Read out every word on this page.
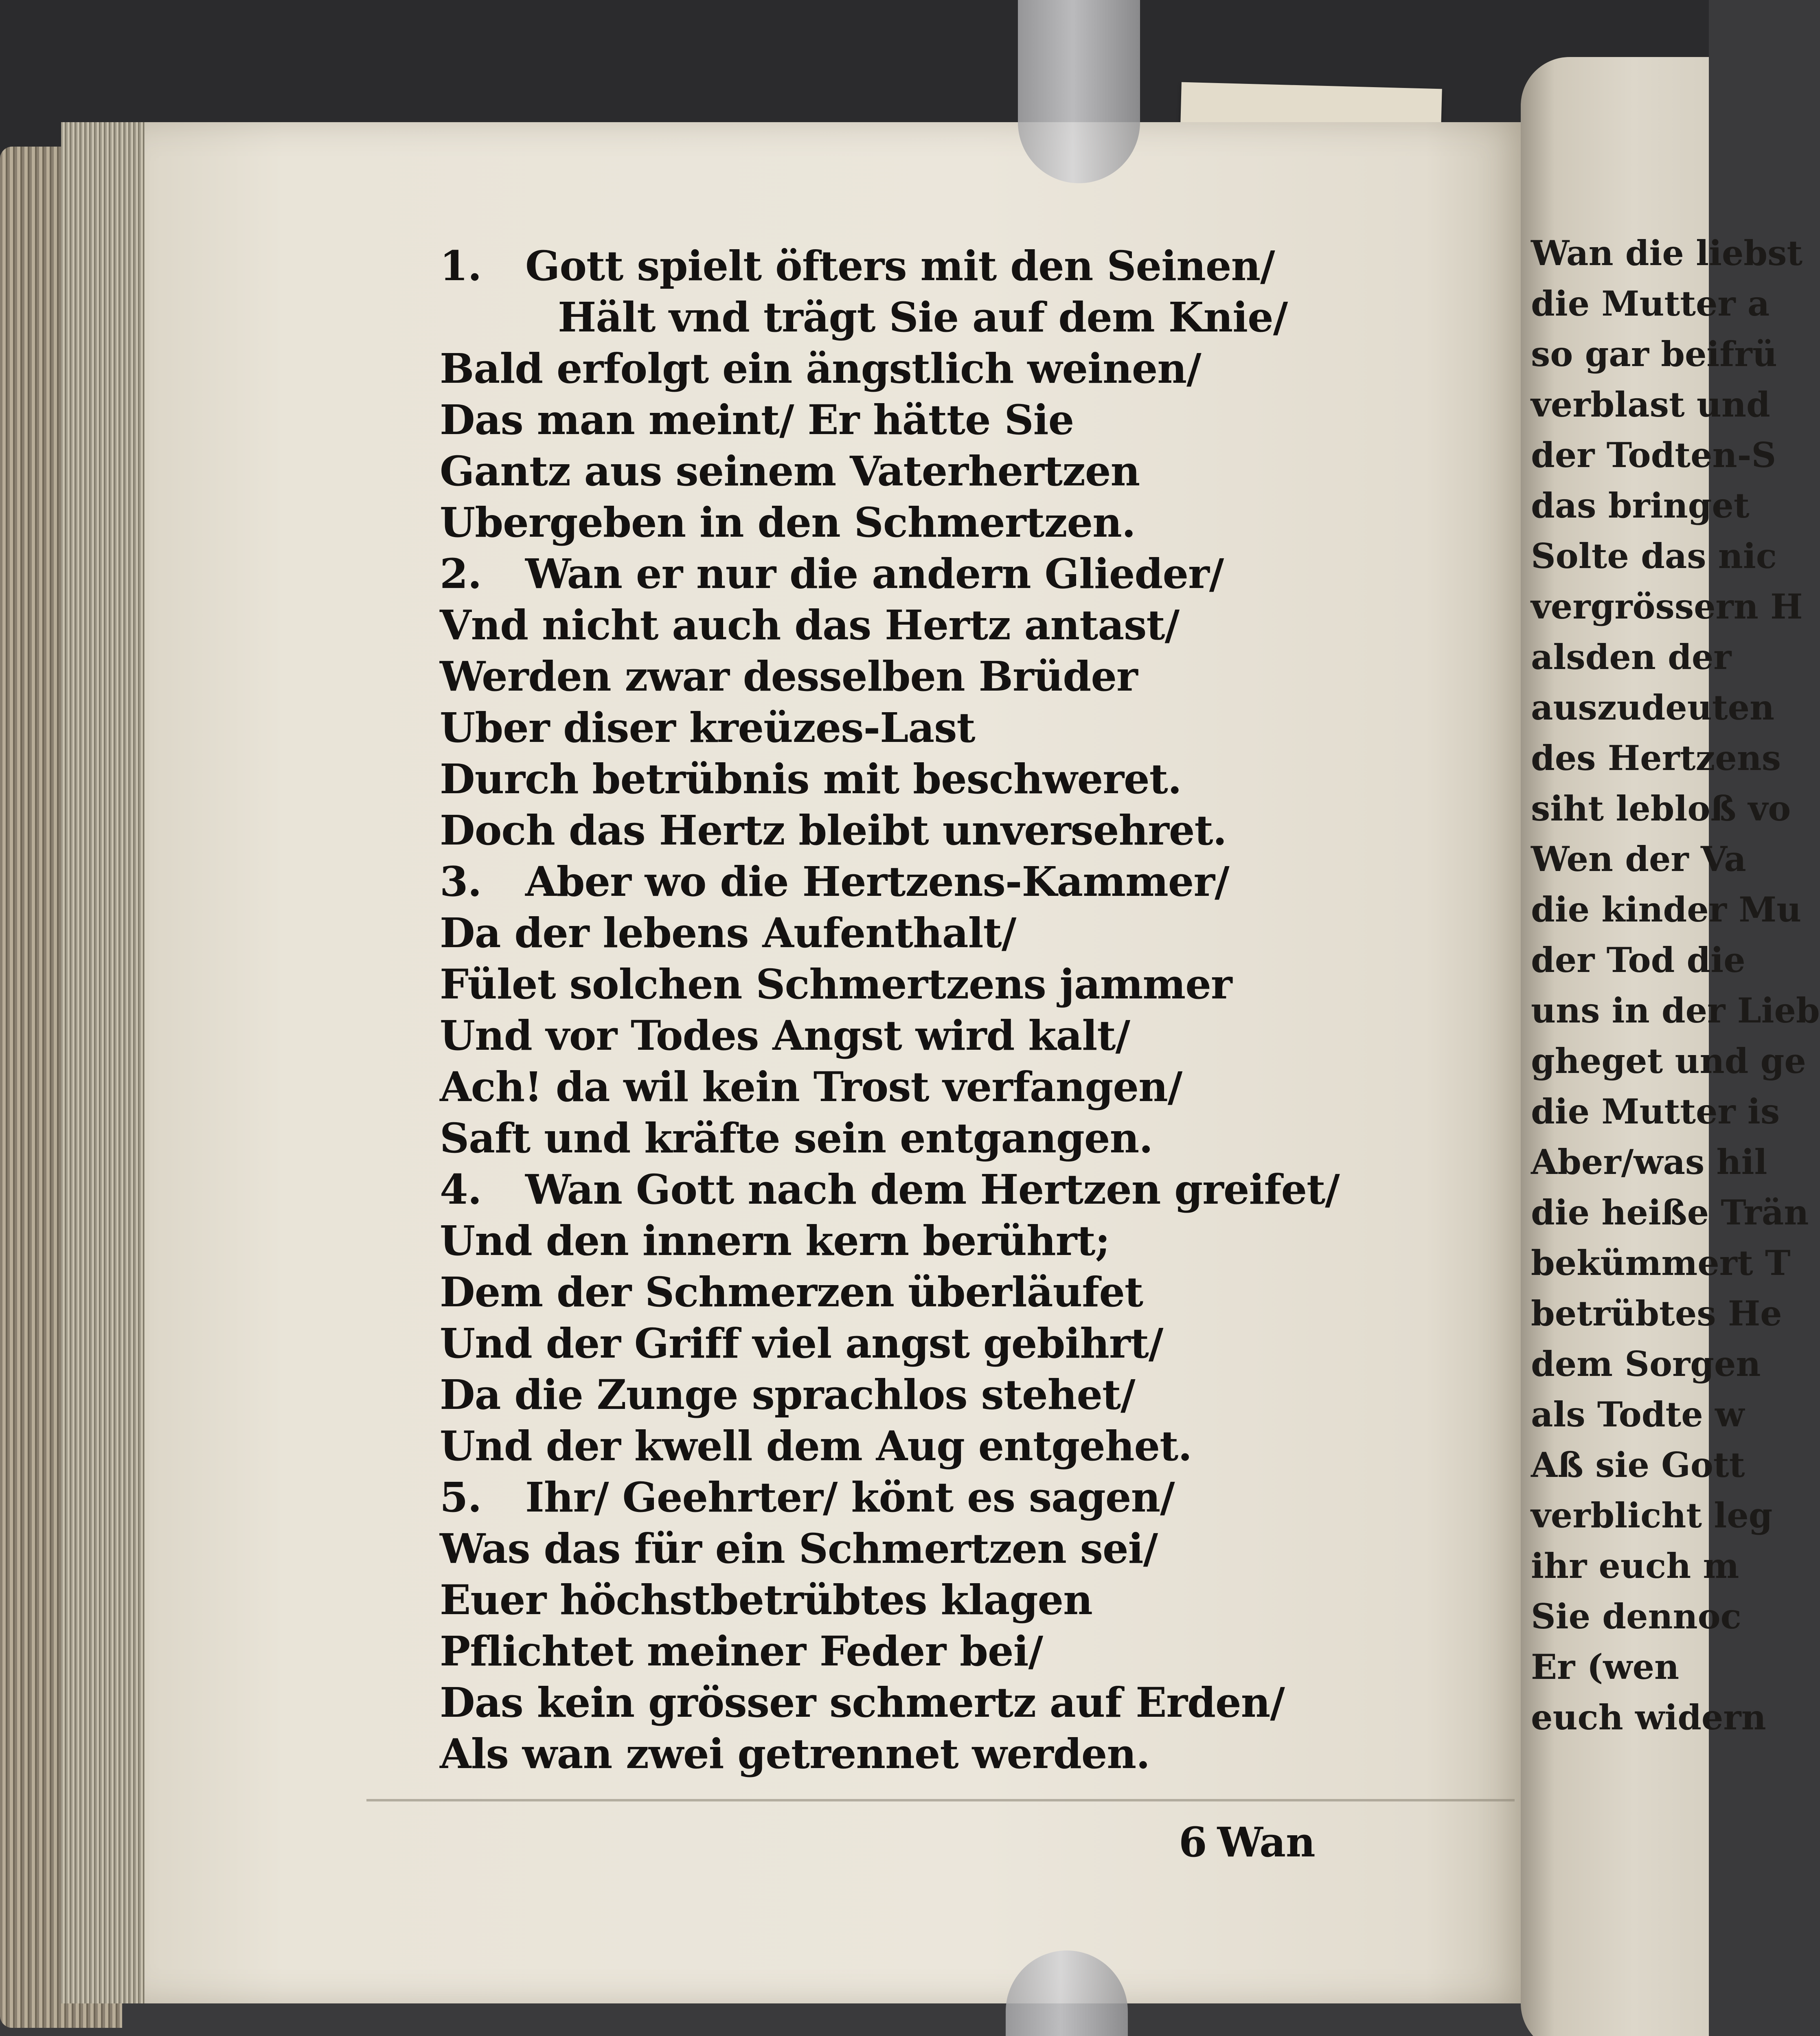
Wan die liebst
die Mutter a
so gar beifrü
verblast und
der Todten-S
das bringet
Solte das nic
vergrössern H
alsden der
auszudeuten
des Hertzens
siht lebloß vo
Wen der Va
die kinder Mu
der Tod die
uns in der Lieb
gheget und ge
die Mutter is
Aber/was hil
die heiße Trän
bekümmert T
betrübtes He
dem Sorgen
als Todte w
Aß sie Gott
verblicht leg
ihr euch m
Sie dennoc
Er (wen
euch widern
1. Gott spielt öfters mit den Seinen/
Hält vnd trägt Sie auf dem Knie/
Bald erfolgt ein ängstlich weinen/
Das man meint/ Er hätte Sie
Gantz aus seinem Vaterhertzen
Ubergeben in den Schmertzen.
2. Wan er nur die andern Glieder/
Vnd nicht auch das Hertz antast/
Werden zwar desselben Brüder
Uber diser kreüzes-Last
Durch betrübnis mit beschweret.
Doch das Hertz bleibt unversehret.
3. Aber wo die Hertzens-Kammer/
Da der lebens Aufenthalt/
Fület solchen Schmertzens jammer
Und vor Todes Angst wird kalt/
Ach! da wil kein Trost verfangen/
Saft und kräfte sein entgangen.
4. Wan Gott nach dem Hertzen greifet/
Und den innern kern berührt;
Dem der Schmerzen überläufet
Und der Griff viel angst gebihrt/
Da die Zunge sprachlos stehet/
Und der kwell dem Aug entgehet.
5. Ihr/ Geehrter/ könt es sagen/
Was das für ein Schmertzen sei/
Euer höchstbetrübtes klagen
Pflichtet meiner Feder bei/
Das kein grösser schmertz auf Erden/
Als wan zwei getrennet werden.
6 Wan
